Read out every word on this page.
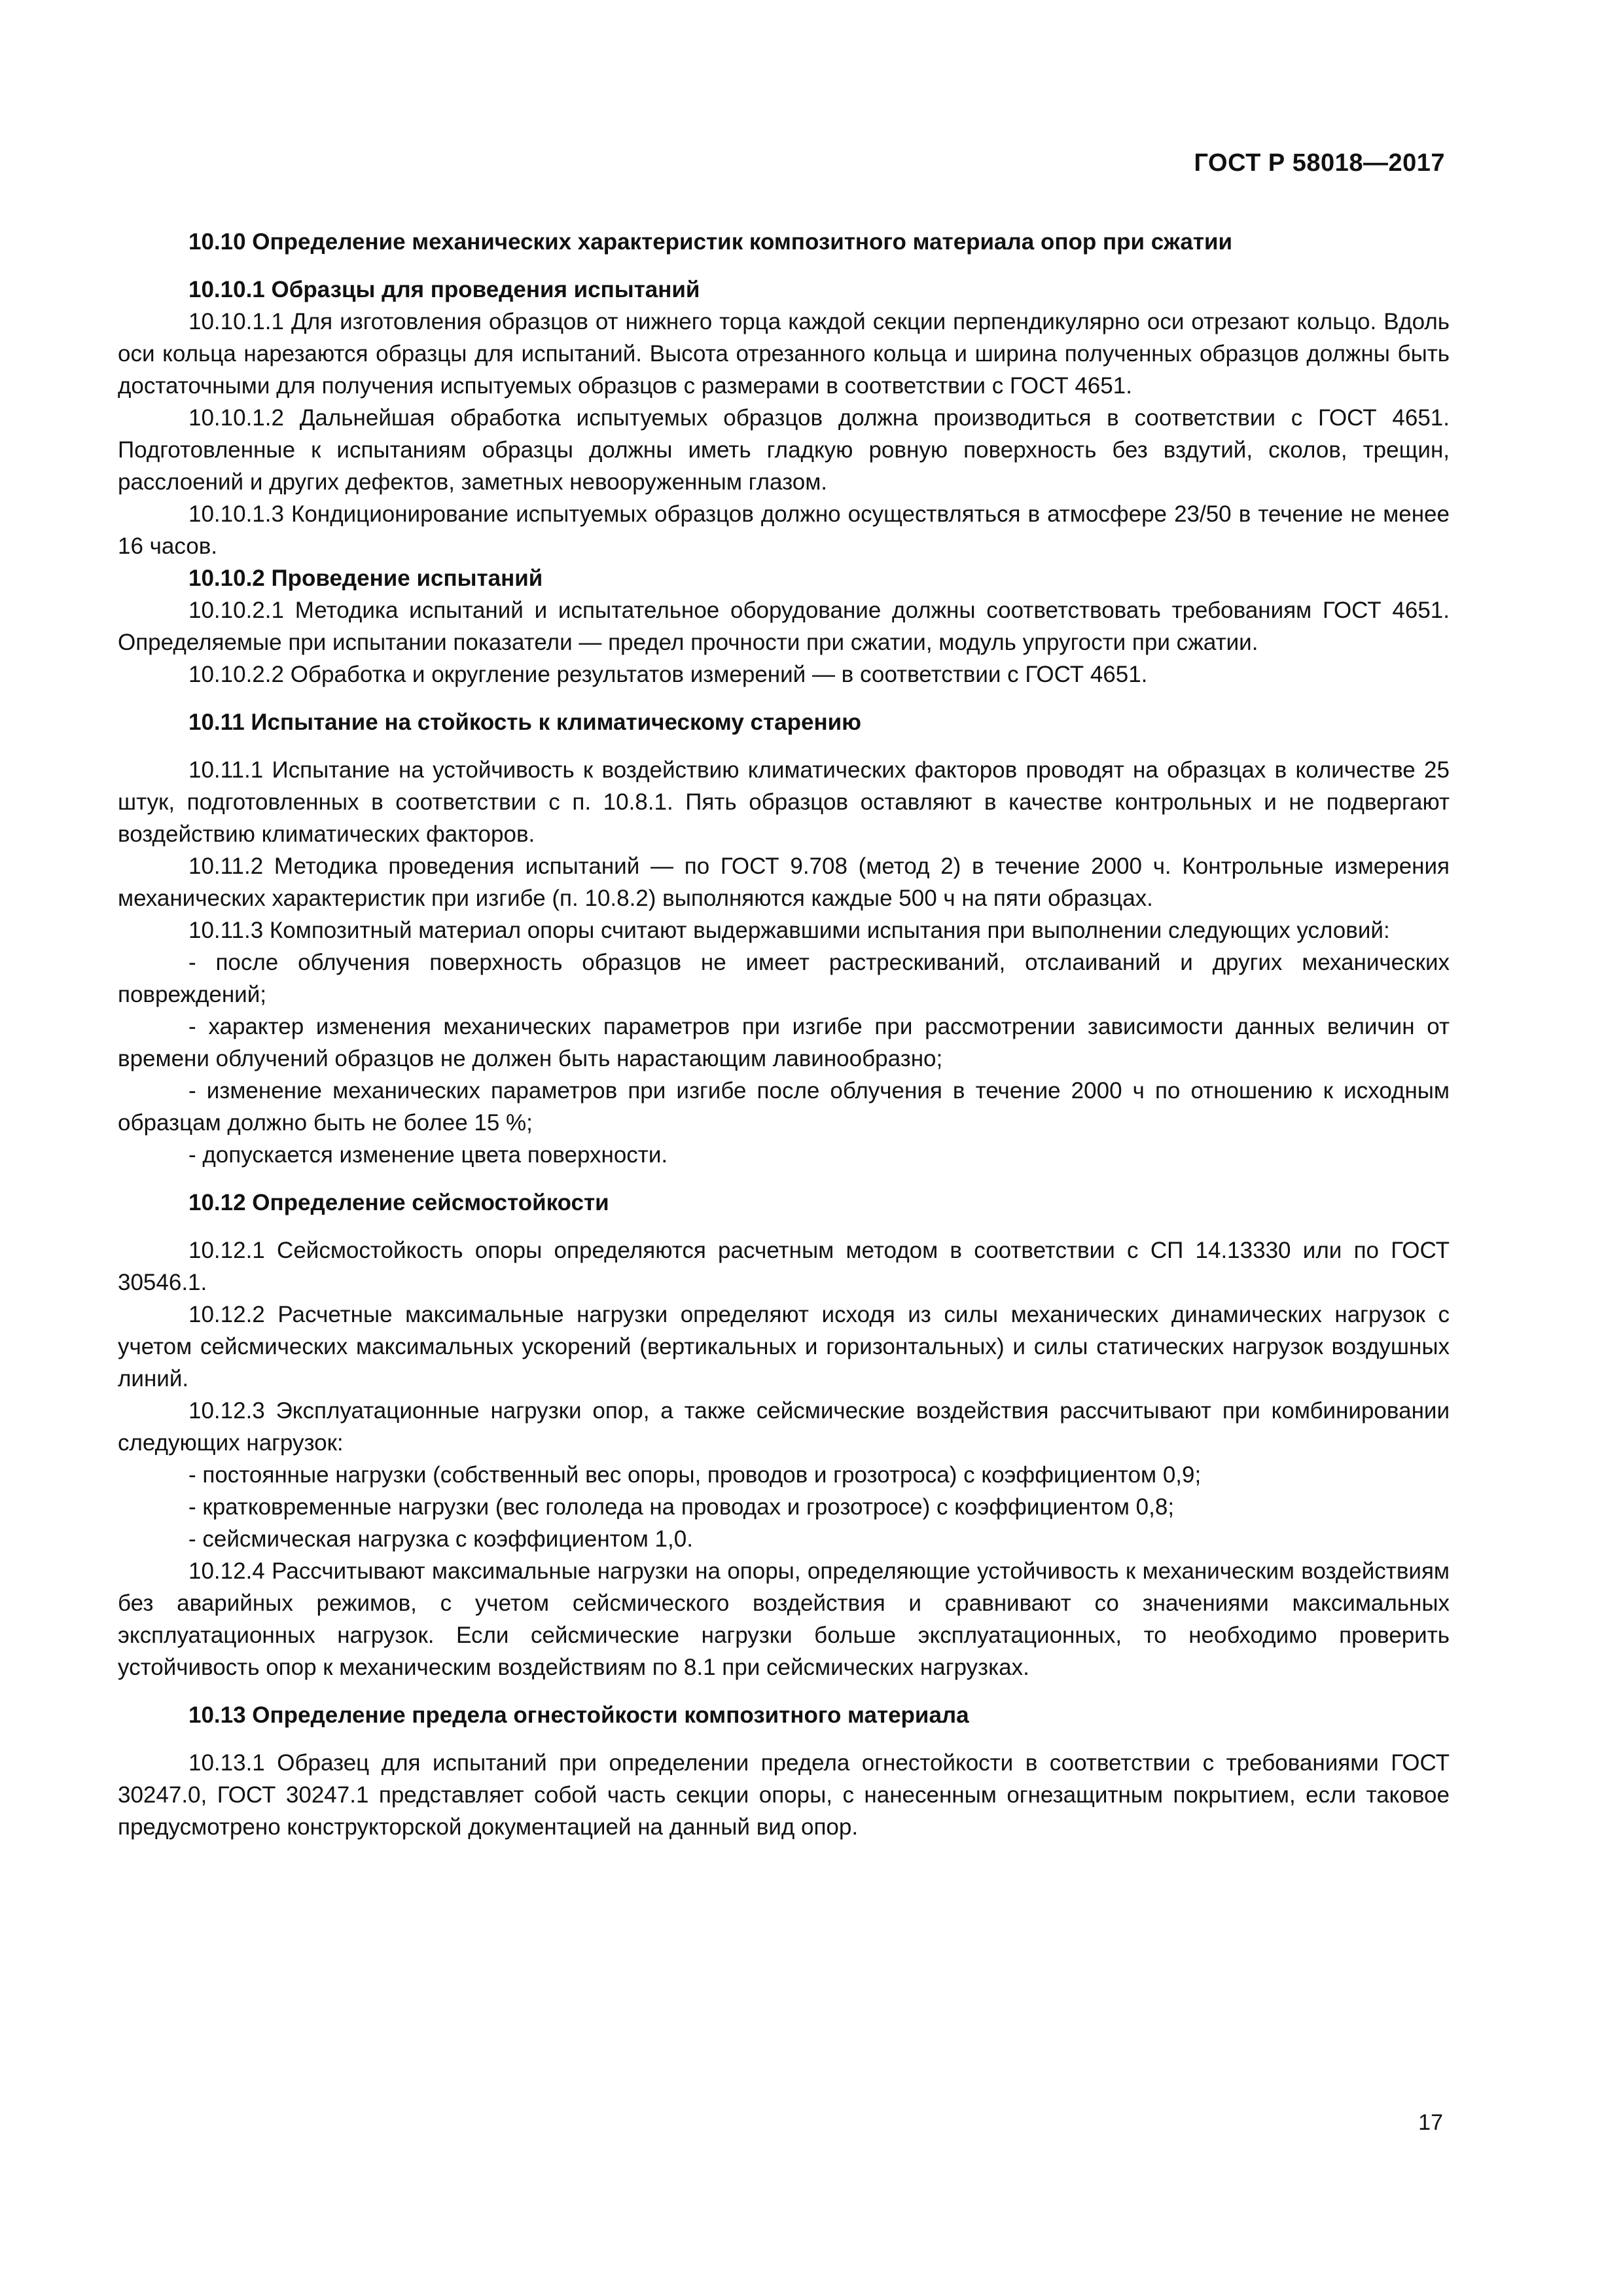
ГОСТ Р 58018—2017

10.10 Определение механических характеристик композитного материала опор при сжатии

10.10.1 Образцы для проведения испытаний

10.10.1.1 Для изготовления образцов от нижнего торца каждой секции перпендикулярно оси отрезают кольцо. Вдоль оси кольца нарезаются образцы для испытаний. Высота отрезанного кольца и ширина полученных образцов должны быть достаточными для получения испытуемых образцов с размерами в соответствии с ГОСТ 4651.

10.10.1.2 Дальнейшая обработка испытуемых образцов должна производиться в соответствии с ГОСТ 4651. Подготовленные к испытаниям образцы должны иметь гладкую ровную поверхность без вздутий, сколов, трещин, расслоений и других дефектов, заметных невооруженным глазом.

10.10.1.3 Кондиционирование испытуемых образцов должно осуществляться в атмосфере 23/50 в течение не менее 16 часов.

10.10.2 Проведение испытаний

10.10.2.1 Методика испытаний и испытательное оборудование должны соответствовать требованиям ГОСТ 4651. Определяемые при испытании показатели — предел прочности при сжатии, модуль упругости при сжатии.

10.10.2.2 Обработка и округление результатов измерений — в соответствии с ГОСТ 4651.

10.11 Испытание на стойкость к климатическому старению

10.11.1 Испытание на устойчивость к воздействию климатических факторов проводят на образцах в количестве 25 штук, подготовленных в соответствии с п. 10.8.1. Пять образцов оставляют в качестве контрольных и не подвергают воздействию климатических факторов.

10.11.2 Методика проведения испытаний — по ГОСТ 9.708 (метод 2) в течение 2000 ч. Контрольные измерения механических характеристик при изгибе (п. 10.8.2) выполняются каждые 500 ч на пяти образцах.

10.11.3 Композитный материал опоры считают выдержавшими испытания при выполнении следующих условий:

- после облучения поверхность образцов не имеет растрескиваний, отслаиваний и других механических повреждений;

- характер изменения механических параметров при изгибе при рассмотрении зависимости данных величин от времени облучений образцов не должен быть нарастающим лавинообразно;

- изменение механических параметров при изгибе после облучения в течение 2000 ч по отношению к исходным образцам должно быть не более 15 %;

- допускается изменение цвета поверхности.

10.12 Определение сейсмостойкости

10.12.1 Сейсмостойкость опоры определяются расчетным методом в соответствии с СП 14.13330 или по ГОСТ 30546.1.

10.12.2 Расчетные максимальные нагрузки определяют исходя из силы механических динамических нагрузок с учетом сейсмических максимальных ускорений (вертикальных и горизонтальных) и силы статических нагрузок воздушных линий.

10.12.3 Эксплуатационные нагрузки опор, а также сейсмические воздействия рассчитывают при комбинировании следующих нагрузок:

- постоянные нагрузки (собственный вес опоры, проводов и грозотроса) с коэффициентом 0,9;

- кратковременные нагрузки (вес гололеда на проводах и грозотросе) с коэффициентом 0,8;

- сейсмическая нагрузка с коэффициентом 1,0.

10.12.4 Рассчитывают максимальные нагрузки на опоры, определяющие устойчивость к механическим воздействиям без аварийных режимов, с учетом сейсмического воздействия и сравнивают со значениями максимальных эксплуатационных нагрузок. Если сейсмические нагрузки больше эксплуатационных, то необходимо проверить устойчивость опор к механическим воздействиям по 8.1 при сейсмических нагрузках.

10.13 Определение предела огнестойкости композитного материала

10.13.1 Образец для испытаний при определении предела огнестойкости в соответствии с требованиями ГОСТ 30247.0, ГОСТ 30247.1 представляет собой часть секции опоры, с нанесенным огнезащитным покрытием, если таковое предусмотрено конструкторской документацией на данный вид опор.

17
